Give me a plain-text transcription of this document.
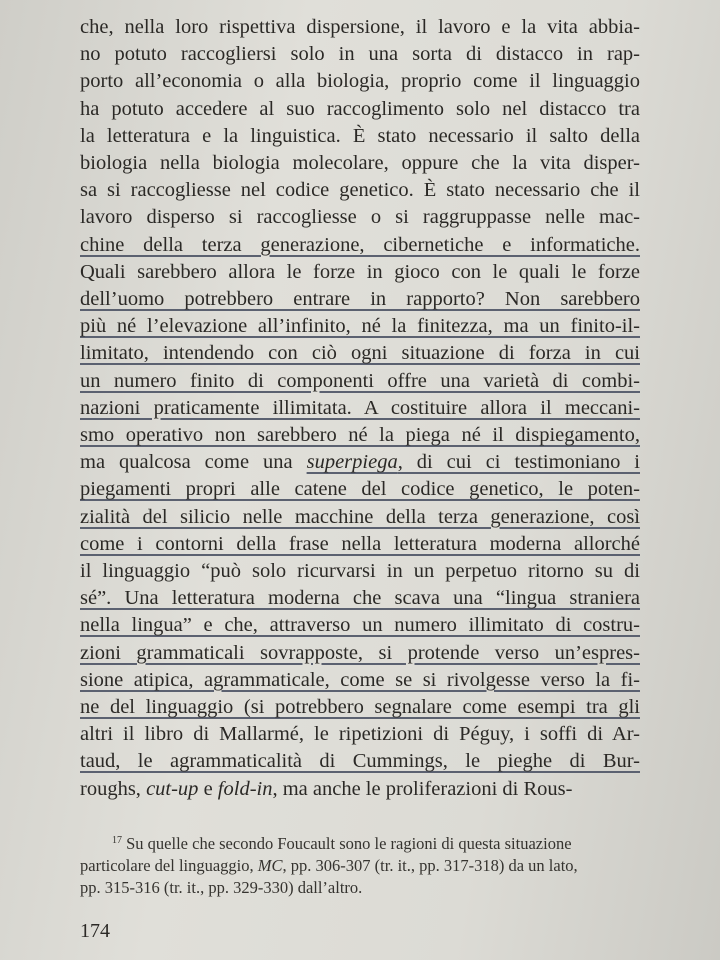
che, nella loro rispettiva dispersione, il lavoro e la vita abbia-
no potuto raccogliersi solo in una sorta di distacco in rap-
porto all’economia o alla biologia, proprio come il linguaggio
ha potuto accedere al suo raccoglimento solo nel distacco tra
la letteratura e la linguistica. È stato necessario il salto della
biologia nella biologia molecolare, oppure che la vita disper-
sa si raccogliesse nel codice genetico. È stato necessario che il
lavoro disperso si raccogliesse o si raggruppasse nelle mac-
chine della terza generazione, cibernetiche e informatiche.
Quali sarebbero allora le forze in gioco con le quali le forze
dell’uomo potrebbero entrare in rapporto? Non sarebbero
più né l’elevazione all’infinito, né la finitezza, ma un finito-il-
limitato, intendendo con ciò ogni situazione di forza in cui
un numero finito di componenti offre una varietà di combi-
nazioni praticamente illimitata. A costituire allora il meccani-
smo operativo non sarebbero né la piega né il dispiegamento,
ma qualcosa come una superpiega, di cui ci testimoniano i
piegamenti propri alle catene del codice genetico, le poten-
zialità del silicio nelle macchine della terza generazione, così
come i contorni della frase nella letteratura moderna allorché
il linguaggio “può solo ricurvarsi in un perpetuo ritorno su di
sé”. Una letteratura moderna che scava una “lingua straniera
nella lingua” e che, attraverso un numero illimitato di costru-
zioni grammaticali sovrapposte, si protende verso un’espres-
sione atipica, agrammaticale, come se si rivolgesse verso la fi-
ne del linguaggio (si potrebbero segnalare come esempi tra gli
altri il libro di Mallarmé, le ripetizioni di Péguy, i soffi di Ar-
taud, le agrammaticalità di Cummings, le pieghe di Bur-
roughs, cut-up e fold-in, ma anche le proliferazioni di Rous-
$^{17}$ Su quelle che secondo Foucault sono le ragioni di questa situazione
particolare del linguaggio, MC, pp. 306-307 (tr. it., pp. 317-318) da un lato,
pp. 315-316 (tr. it., pp. 329-330) dall’altro.
174
